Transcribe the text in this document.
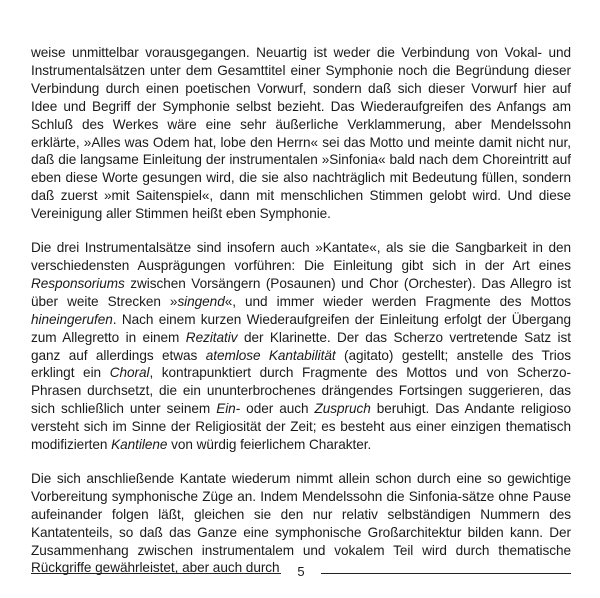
weise unmittelbar vorausgegangen. Neuartig ist weder die Verbindung von Vokal- und Instrumentalsätzen unter dem Gesamttitel einer Symphonie noch die Begründung dieser Verbindung durch einen poetischen Vorwurf, sondern daß sich dieser Vorwurf hier auf Idee und Begriff der Symphonie selbst bezieht. Das Wiederaufgreifen des Anfangs am Schluß des Werkes wäre eine sehr äußerliche Verklammerung, aber Mendelssohn erklärte, »Alles was Odem hat, lobe den Herrn« sei das Motto und meinte damit nicht nur, daß die langsame Einleitung der instrumentalen »Sinfonia« bald nach dem Choreintritt auf eben diese Worte gesungen wird, die sie also nachträglich mit Bedeutung füllen, sondern daß zuerst »mit Saitenspiel«, dann mit menschlichen Stimmen gelobt wird. Und diese Vereinigung aller Stimmen heißt eben Symphonie.

Die drei Instrumentalsätze sind insofern auch »Kantate«, als sie die Sangbarkeit in den verschiedensten Ausprägungen vorführen: Die Einleitung gibt sich in der Art eines Responsoriums zwischen Vorsängern (Posaunen) und Chor (Orchester). Das Allegro ist über weite Strecken »singend«, und immer wieder werden Fragmente des Mottos hineingerufen. Nach einem kurzen Wiederaufgreifen der Einleitung erfolgt der Übergang zum Allegretto in einem Rezitativ der Klarinette. Der das Scherzo vertretende Satz ist ganz auf allerdings etwas atemlose Kantabilität (agitato) gestellt; anstelle des Trios erklingt ein Choral, kontrapunktiert durch Fragmente des Mottos und von Scherzo-Phrasen durchsetzt, die ein ununterbrochenes drängendes Fortsingen suggerieren, das sich schließlich unter seinem Ein- oder auch Zuspruch beruhigt. Das Andante religioso versteht sich im Sinne der Religiosität der Zeit; es besteht aus einer einzigen thematisch modifizierten Kantilene von würdig feierlichem Charakter.

Die sich anschließende Kantate wiederum nimmt allein schon durch eine so gewichtige Vorbereitung symphonische Züge an. Indem Mendelssohn die Sinfonia-sätze ohne Pause aufeinander folgen läßt, gleichen sie den nur relativ selbständigen Nummern des Kantatenteils, so daß das Ganze eine symphonische Großarchitektur bilden kann. Der Zusammenhang zwischen instrumentalem und vokalem Teil wird durch thematische Rückgriffe gewährleistet, aber auch durch	5
